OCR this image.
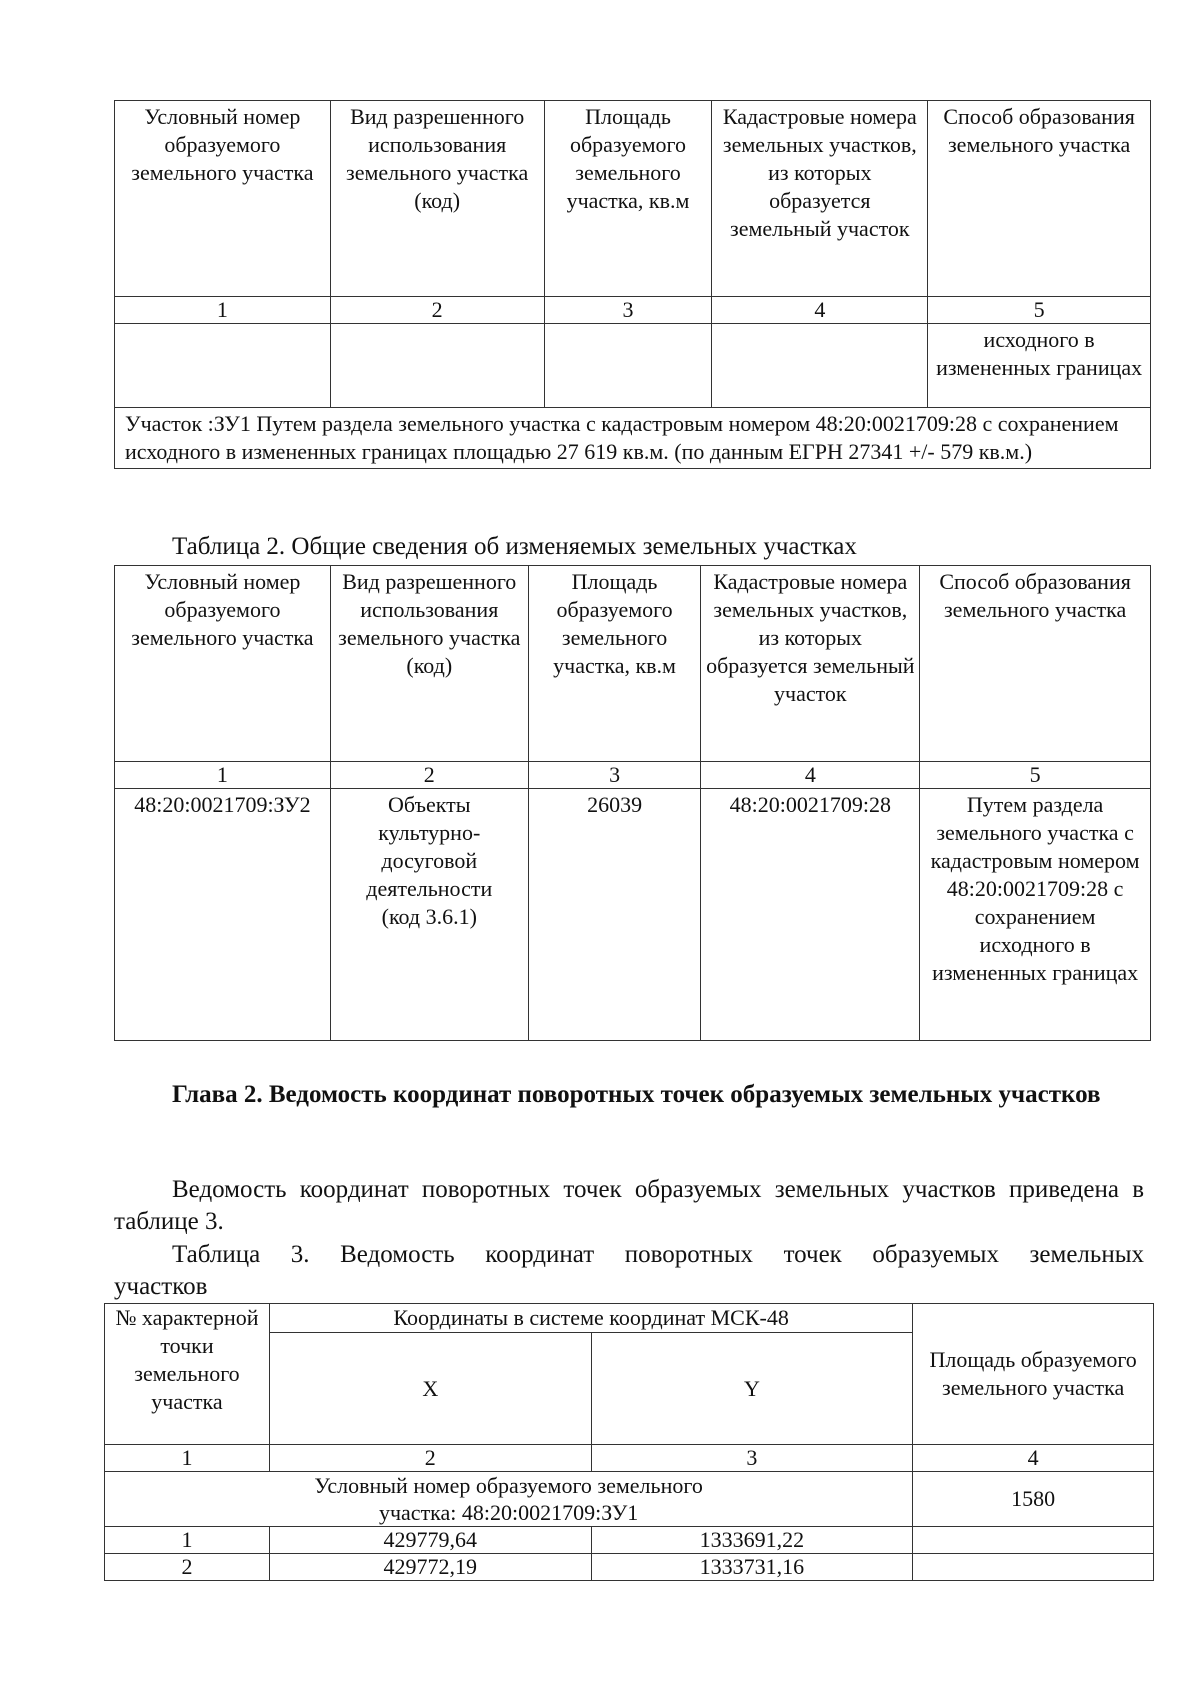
Условный номер образуемого земельного участка	Вид разрешенного использования земельного участка (код)	Площадь образуемого земельного участка, кв.м	Кадастровые номера земельных участков, из которых образуется земельный участок	Способ образования земельного участка
1	2	3	4	5
				исходного в измененных границах
Участок :ЗУ1 Путем раздела земельного участка с кадастровым номером 48:20:0021709:28 с сохранением исходного в измененных границах площадью 27 619 кв.м. (по данным ЕГРН 27341 +/- 579 кв.м.)				
Таблица 2. Общие сведения об изменяемых земельных участках
Условный номер образуемого земельного участка	Вид разрешенного использования земельного участка (код)	Площадь образуемого земельного участка, кв.м	Кадастровые номера земельных участков, из которых образуется земельный участок	Способ образования земельного участка
1	2	3	4	5
48:20:0021709:ЗУ2	Объекты культурно-досуговой деятельности (код 3.6.1)	26039	48:20:0021709:28	Путем раздела земельного участка с кадастровым номером 48:20:0021709:28 с сохранением исходного в измененных границах
Глава 2. Ведомость координат поворотных точек образуемых земельных участков
Ведомость координат поворотных точек образуемых земельных участков приведена в таблице 3.
Таблица 3. Ведомость координат поворотных точек образуемых земельных
участков
№ характерной точки земельного участка	Координаты в системе координат МСК-48		Площадь образуемого земельного участка
	X	Y	
1	2	3	4
Условный номер образуемого земельного участка: 48:20:0021709:ЗУ1			1580
1	429779,64	1333691,22	
2	429772,19	1333731,16	
